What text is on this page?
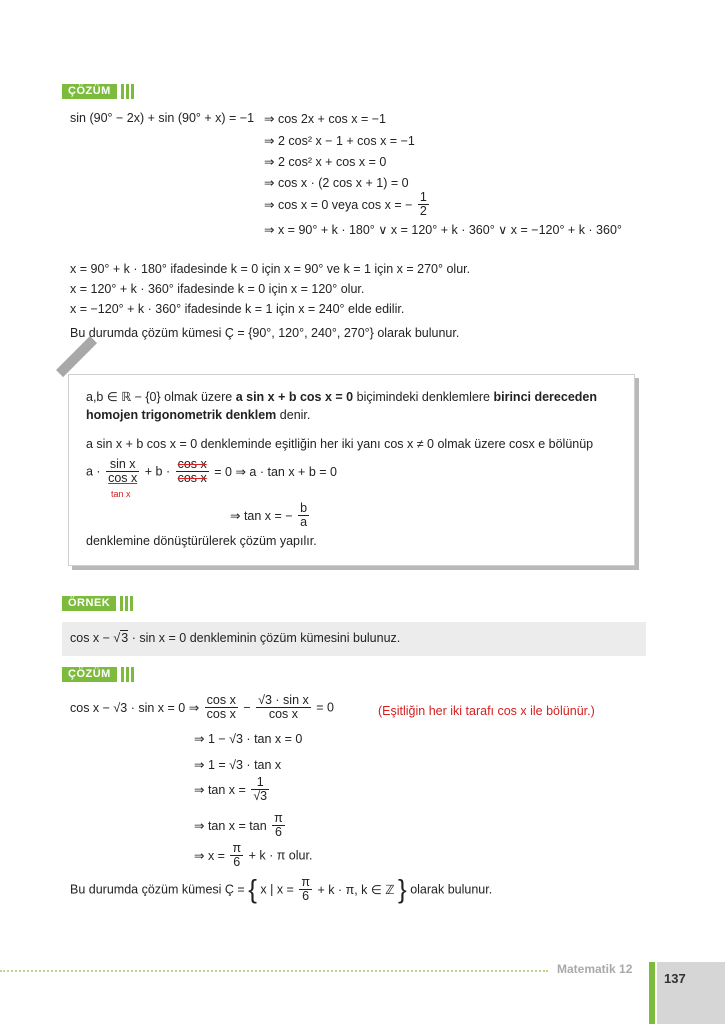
ÇÖZÜM
sin (90° − 2x) + sin (90° + x) = −1 ⇒ cos 2x + cos x = −1
⇒ 2 cos² x − 1 + cos x = −1
⇒ 2 cos² x + cos x = 0
⇒ cos x · (2 cos x + 1) = 0
⇒ cos x = 0 veya cos x = − $\frac{1}{2}$
⇒ x = 90° + k · 180° ∨ x = 120° + k · 360° ∨ x = −120° + k · 360°
x = 90° + k · 180° ifadesinde k = 0 için x = 90° ve k = 1 için x = 270° olur.
x = 120° + k · 360° ifadesinde k = 0 için x = 120° olur.
x = −120° + k · 360° ifadesinde k = 1 için x = 240° elde edilir.
Bu durumda çözüm kümesi Ç = {90°, 120°, 240°, 270°} olarak bulunur.
a,b ∈ ℝ − {0} olmak üzere a sin x + b cos x = 0 biçimindeki denklemlere birinci dereceden
homojen trigonometrik denklem denir.
a sin x + b cos x = 0 denkleminde eşitliğin her iki yanı cos x ≠ 0 olmak üzere cosx e bölünüp
$a \cdot \frac{\text{sin x}}{\text{cos x}} + b \cdot \frac{\text{cos x}}{\text{cos x}} = 0$ ⇒ a · tan x + b = 0
tan x
⇒ tan x = − $\frac{b}{a}$
denklemine dönüştürülerek çözüm yapılır.
ÖRNEK
cos x − √3 · sin x = 0 denkleminin çözüm kümesini bulunuz.
ÇÖZÜM
cos x − √3 · sin x = 0 ⇒ $\frac{\text{cos x}}{\text{cos x}} - \frac{\text{√3 · sin x}}{\text{cos x}} = 0$	(Eşitliğin her iki tarafı cos x ile bölünür.)
⇒ 1 − √3 · tan x = 0
⇒ 1 = √3 · tan x
⇒ $\tan x = \frac{1}{√3}$
⇒ $\tan x = \tan \frac{\pi}{6}$
⇒ $x = \frac{\pi}{6} + k \cdot \pi$ olur.
Bu durumda çözüm kümesi Ç = { x | $x = \frac{\pi}{6} + k \cdot \pi$, k ∈ ℤ } olarak bulunur.
Matematik 12
137
